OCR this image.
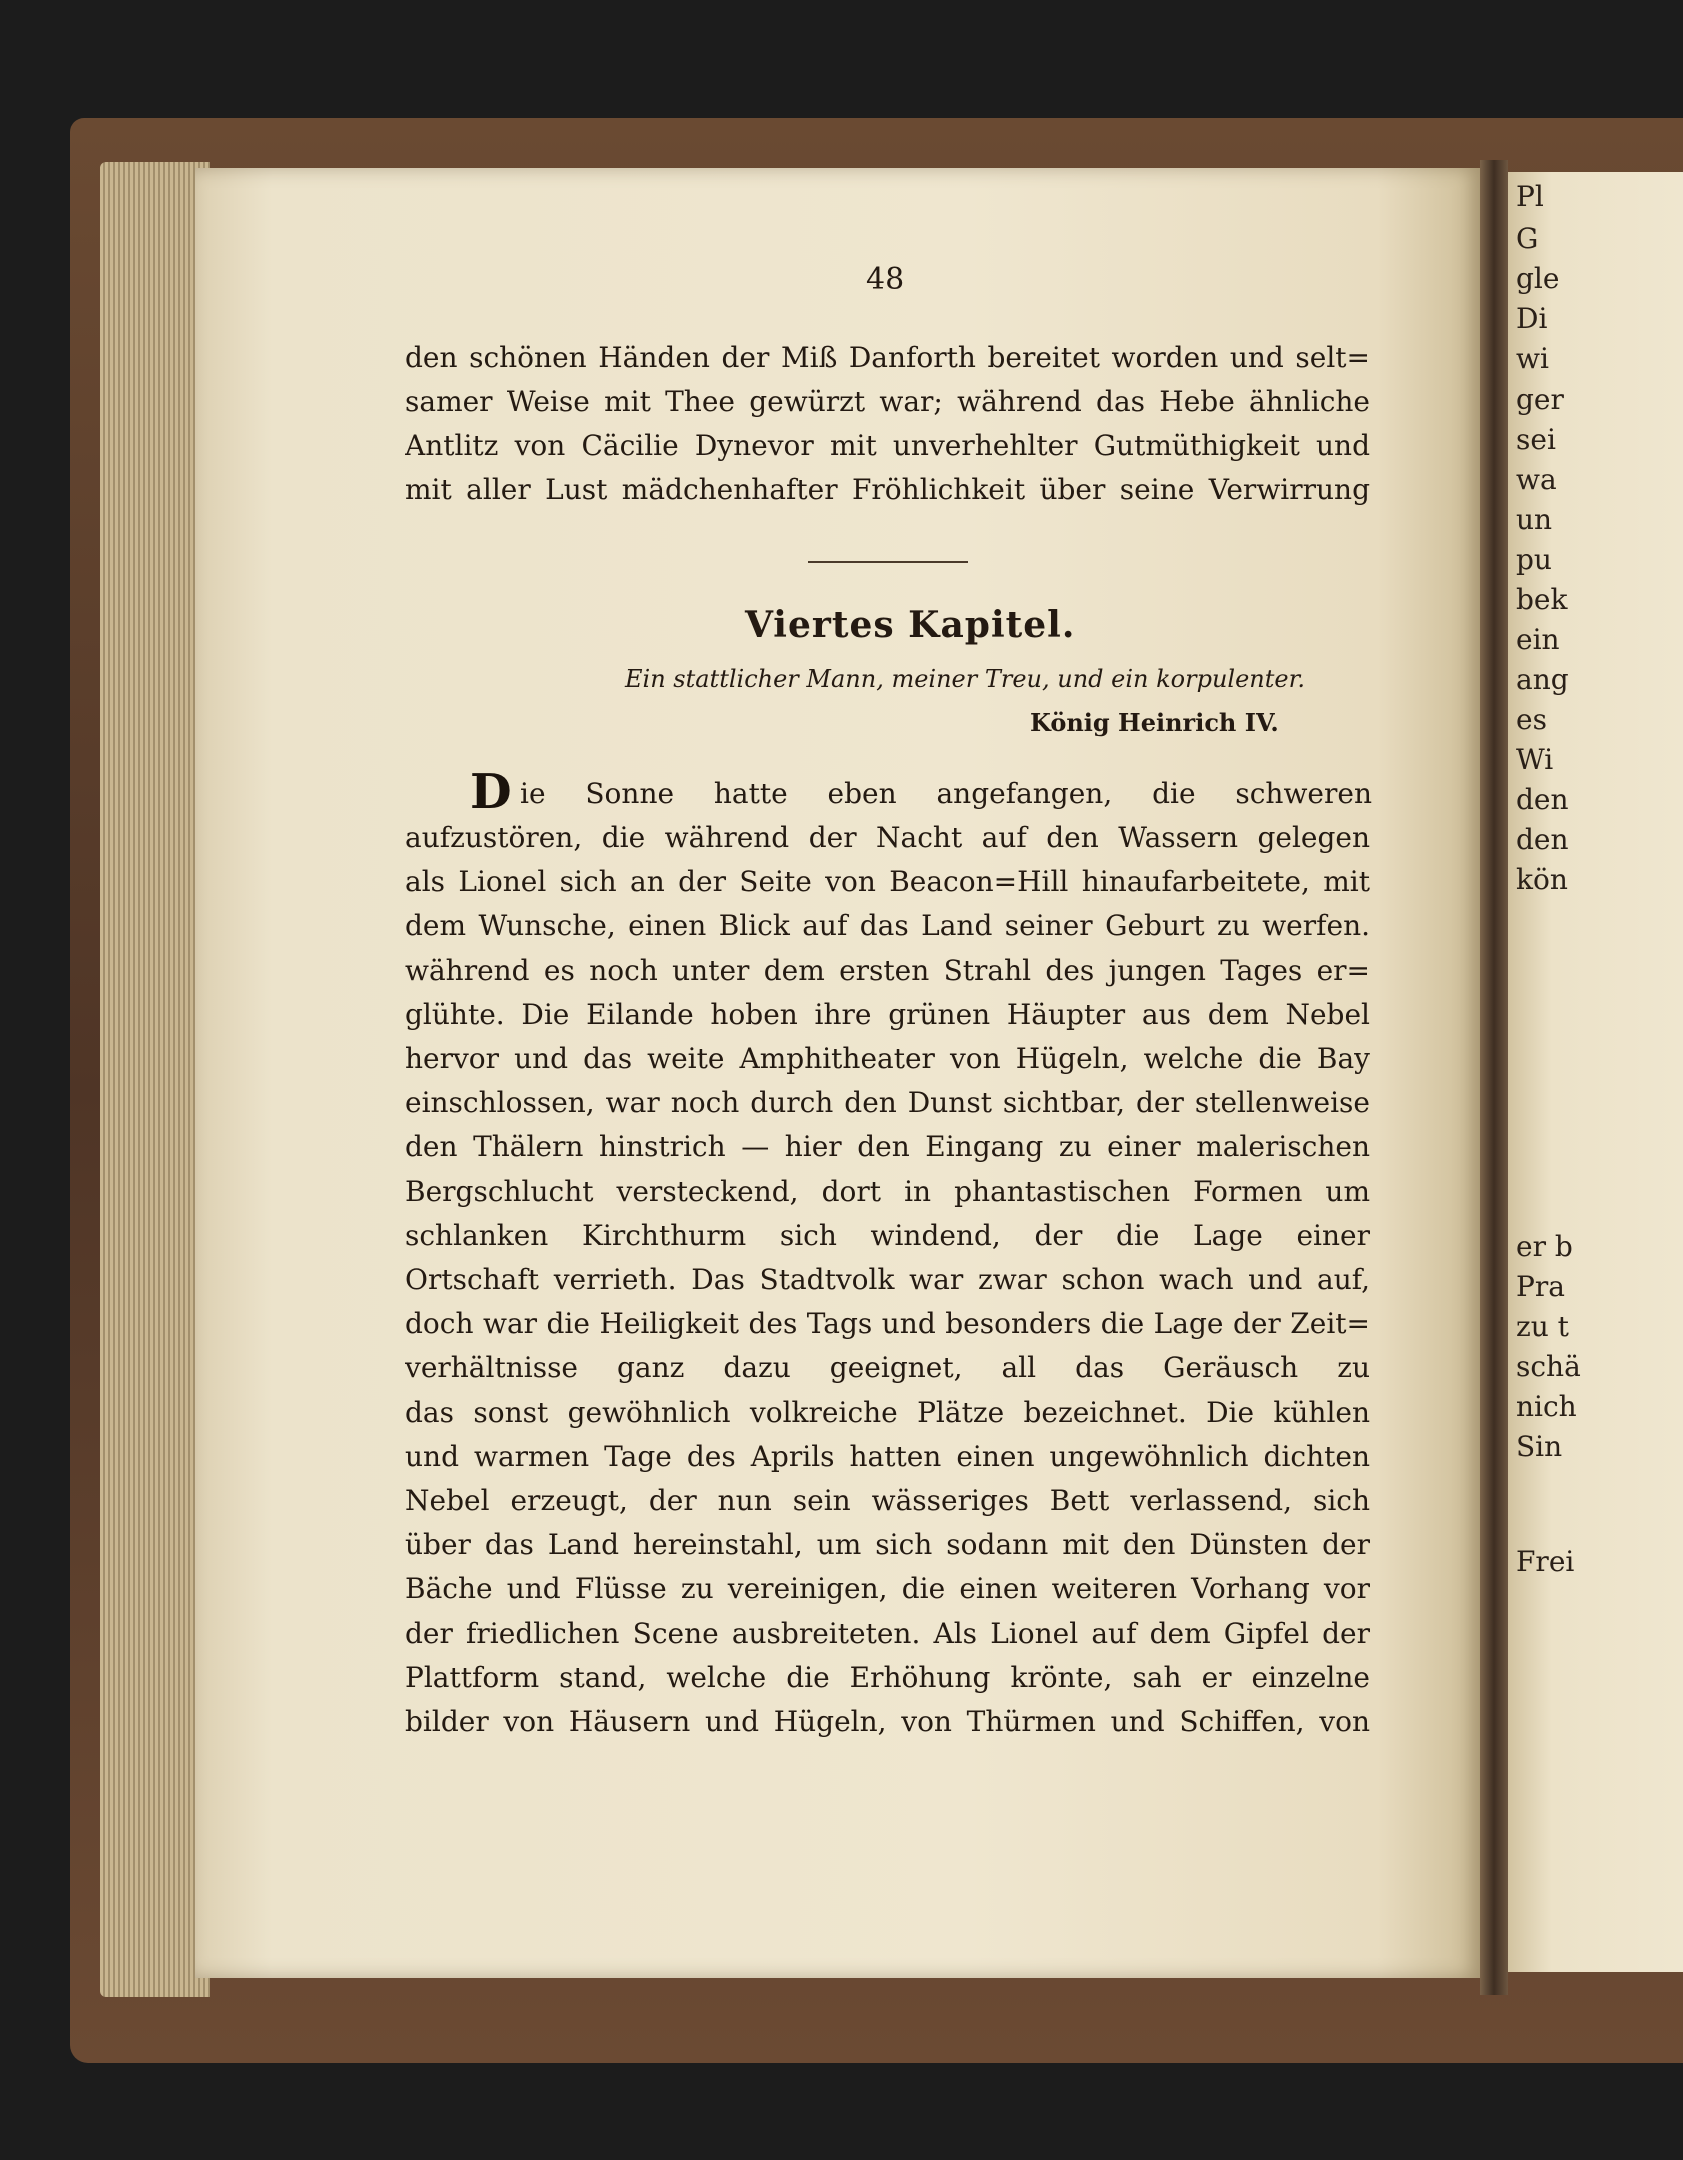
Pl
G
gle
Di
wi
ger
sei
wa
un
pu
bek
ein
ang
es
Wi
den
den
kön
er b
Pra
zu t
schä
nich
Sin
Frei
48
den schönen Händen der Miß Danforth bereitet worden und selt=
samer Weise mit Thee gewürzt war; während das Hebe ähnliche
Antlitz von Cäcilie Dynevor mit unverhehlter Gutmüthigkeit und
mit aller Lust mädchenhafter Fröhlichkeit über seine Verwirrung
Viertes Kapitel.
Ein stattlicher Mann, meiner Treu, und ein korpulenter.
König Heinrich IV.
D ie Sonne hatte eben angefangen, die schweren
aufzustören, die während der Nacht auf den Wassern gelegen
als Lionel sich an der Seite von Beacon=Hill hinaufarbeitete, mit
dem Wunsche, einen Blick auf das Land seiner Geburt zu werfen.
während es noch unter dem ersten Strahl des jungen Tages er=
glühte. Die Eilande hoben ihre grünen Häupter aus dem Nebel
hervor und das weite Amphitheater von Hügeln, welche die Bay
einschlossen, war noch durch den Dunst sichtbar, der stellenweise
den Thälern hinstrich — hier den Eingang zu einer malerischen
Bergschlucht versteckend, dort in phantastischen Formen um
schlanken Kirchthurm sich windend, der die Lage einer
Ortschaft verrieth. Das Stadtvolk war zwar schon wach und auf,
doch war die Heiligkeit des Tags und besonders die Lage der Zeit=
verhältnisse ganz dazu geeignet, all das Geräusch zu
das sonst gewöhnlich volkreiche Plätze bezeichnet. Die kühlen
und warmen Tage des Aprils hatten einen ungewöhnlich dichten
Nebel erzeugt, der nun sein wässeriges Bett verlassend, sich
über das Land hereinstahl, um sich sodann mit den Dünsten der
Bäche und Flüsse zu vereinigen, die einen weiteren Vorhang vor
der friedlichen Scene ausbreiteten. Als Lionel auf dem Gipfel der
Plattform stand, welche die Erhöhung krönte, sah er einzelne
bilder von Häusern und Hügeln, von Thürmen und Schiffen, von
